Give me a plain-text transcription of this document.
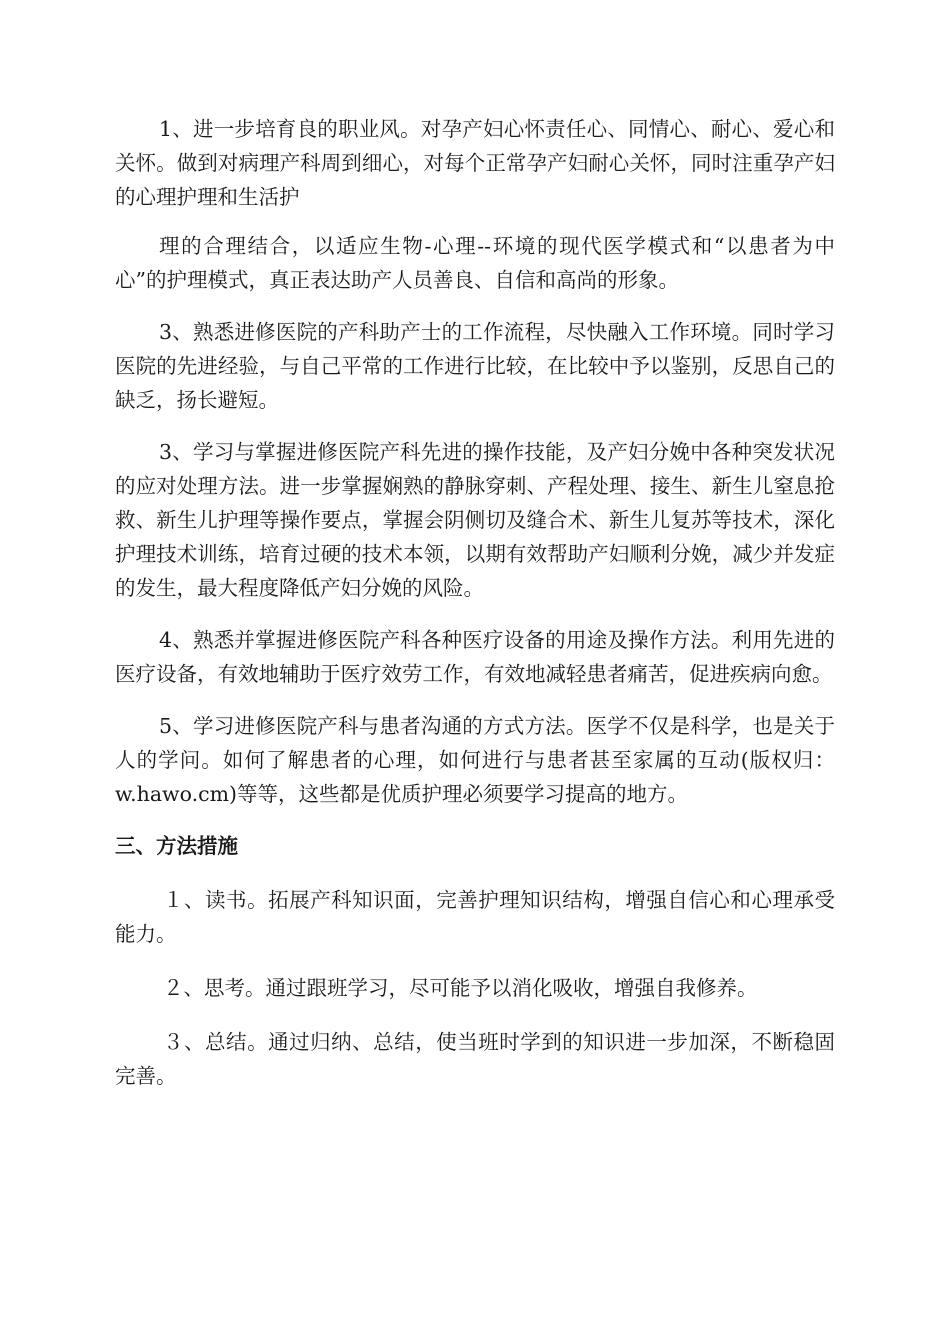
1、进一步培育良的职业风。对孕产妇心怀责任心、同情心、耐心、爱心和关怀。做到对病理产科周到细心，对每个正常孕产妇耐心关怀，同时注重孕产妇的心理护理和生活护

理的合理结合，以适应生物-心理--环境的现代医学模式和“以患者为中心”的护理模式，真正表达助产人员善良、自信和高尚的形象。

3、熟悉进修医院的产科助产士的工作流程，尽快融入工作环境。同时学习医院的先进经验，与自己平常的工作进行比较，在比较中予以鉴别，反思自己的缺乏，扬长避短。

3、学习与掌握进修医院产科先进的操作技能，及产妇分娩中各种突发状况的应对处理方法。进一步掌握娴熟的静脉穿刺、产程处理、接生、新生儿窒息抢救、新生儿护理等操作要点，掌握会阴侧切及缝合术、新生儿复苏等技术，深化护理技术训练，培育过硬的技术本领，以期有效帮助产妇顺利分娩，减少并发症的发生，最大程度降低产妇分娩的风险。

4、熟悉并掌握进修医院产科各种医疗设备的用途及操作方法。利用先进的医疗设备，有效地辅助于医疗效劳工作，有效地减轻患者痛苦，促进疾病向愈。

5、学习进修医院产科与患者沟通的方式方法。医学不仅是科学，也是关于人的学问。如何了解患者的心理，如何进行与患者甚至家属的互动(版权归：w.hawo.cm)等等，这些都是优质护理必须要学习提高的地方。

三、方法措施

１、读书。拓展产科知识面，完善护理知识结构，增强自信心和心理承受能力。

２、思考。通过跟班学习，尽可能予以消化吸收，增强自我修养。

３、总结。通过归纳、总结，使当班时学到的知识进一步加深，不断稳固完善。
